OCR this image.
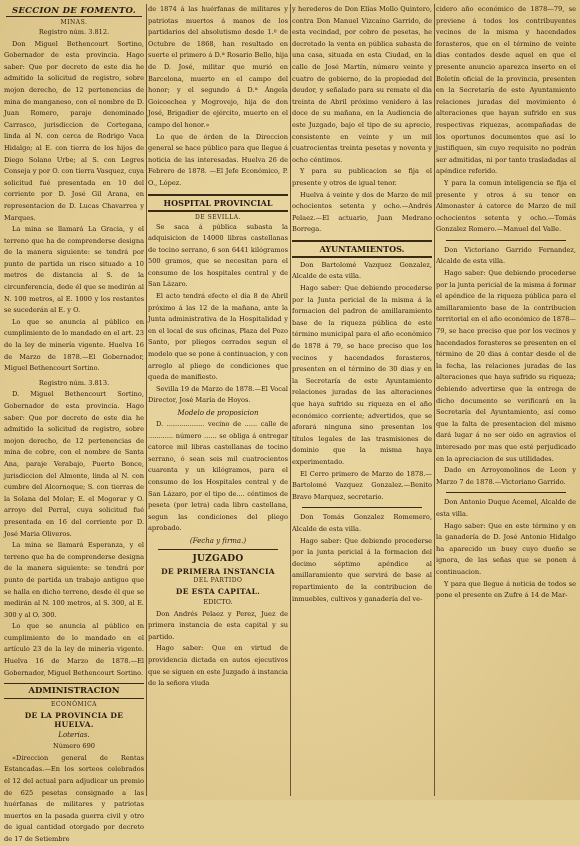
SECCION DE FOMENTO.
MINAS.
Registro núm. 3.812.

Don Miguel Bethencourt Sortino, Gobernador de esta provincia. Hago saber: Que por decreto de este dia he admitido la solicitud de registro, sobre mojon derecho, de 12 pertenencias de mina de manganeso, con el nombre de D. Juan Romero, paraje denominado Carrasco, jurisdiccion de Cortegana, linda al N. con cerca de Rodrigo Vaca Hidalgo; al E. con tierra de los hijos de Diego Solano Urbe; al S. con Legres Conseja y por O. con tierra Vasquez, cuya solicitud fué presentada en 10 del corriente por D. José Gil Arana, en representacion de D. Lucas Chavarrea y Marques.

La mina se llamará La Gracia, y el terreno que ha de comprenderse designa de la manera siguiente: se tendrá por punto de partida un risco situado a 10 metros de distancia al S. de la circunferencia, dede él que se medirán al N. 100 metros, al E. 1000 y los restantes se sucederán al E. y O.

Lo que se anuncia al público en cumplimiento de lo mandado en el art. 23 de la ley de minería vigente. Huelva 16 de Marzo de 1878.—El Gobernador, Miguel Bethencourt Sortino.

Registro núm. 3.813.

D. Miguel Bethencourt Sortino, Gobernador de esta provincia. Hago saber: Que por decreto de este dia he admitido la solicitud de registro, sobre mojon derecho, de 12 pertenencias de mina de cobre, con el nombre de Santa Ana, paraje Verabajo, Puerto Bonce, jurisdiccion del Almonte, linda al N. con cumbre del Alcornoque; S. con tierras de la Solana del Molar; E. el Mogorar y O. arroyo del Perral, cuya solicitud fué presentada en 16 del corriente por D. José Maria Oliveros.

La mina se llamará Esperanza, y el terreno que ha de comprenderse designa de la manera siguiente: se tendrá por punto de partida un trabajo antiguo que se halla en dicho terreno, desde él que se medirán al N. 100 metros, al S. 300, al E. 300 y al O. 300.

Lo que se anuncia al público en cumplimiento de lo mandado en el artículo 23 de la ley de minería vigente. Huelva 16 de Marzo de 1878.—El Gobernador, Miguel Bethencourt Sortino.

ADMINISTRACION
ECONÓMICA
DE LA PROVINCIA DE HUELVA.
Loterias.
Número 690

«Direccion general de Rentas Estancadas.—En los sorteos celebrados el 12 del actual para adjudicar un premio de 625 pesetas consignado a las huérfanas de militares y patriotas muertos en la pasada guerra civil y otro de igual cantidad otorgado por decreto de 17 de Setiembre

de 1874 á las huérfanas de militares y patriotas muertos á manos de los partidarios del absolutismo desde 1.º de Octubre de 1868, han resultado en suerte el primero á D.ª Rosario Bello, hija de D. José, militar que murió en Barcelona, muerto en el campo del honor; y el segundo á D.ª Ángela Goicoechea y Mogrovejo, hija de don José, Brigadier de ejército, muerto en el campo del honor.»

Lo que de órden de la Direccion general se hace público para que llegue á noticia de las interesadas. Huelva 26 de Febrero de 1878. —El Jefe Económico, P. O., López.

HOSPITAL PROVINCIAL
DE SEVILLA.

Se saca á pública subasta la adquisicion de 14000 libras castellanas de tocino serrano, 6 son 6441 kilógramos 500 gramos, que se necesitan para el consumo de los hospitales central y de San Lázaro.

El acto tendrá efecto el dia 8 de Abril próximo á las 12 de la mañana, ante la Junta administrativa de la Hospitalidad y en el local de sus oficinas, Plaza del Pozo Santo, por pliegos cerrados segun el modelo que se pone á continuacion, y con arreglo al pliego de condiciones que queda de manifiesto.

Sevilla 19 de Marzo de 1878.—El Vocal Director, José María de Hoyos.

Modelo de proposicion

D. .................. vecino de ...... calle de ............ número ...... se obliga á entregar catorce mil libras castellanas de tocino serrano, ó sean seis mil cuatrocientos cuarenta y un kilógramos, para el consumo de los Hospitales central y de San Lázaro, por el tipo de.... céntimos de peseta (por letra) cada libra castellana, segun las condiciones del pliego aprobado.

(Fecha y firma.)
JUZGADO
DE PRIMERA INSTANCIA
DEL PARTIDO
DE ESTA CAPITAL.
EDICTO.

Don Andrés Pelaez y Perez, Juez de primera instancia de esta capital y su partido.

Hago saber: Que en virtud de providencia dictada en autos ejecutivos que se siguen en este Juzgado á instancia de la señora viuda

y herederos de Don Elías Mollo Quintero, contra Don Manuel Vizcaíno Garrido, de esta vecindad, por cobro de pesetas, he decretado la venta en pública subasta de una casa, situada en esta Ciudad, en la calle de José Martín, número veinte y cuatro de gobierno, de la propiedad del deudor, y señalado para su remate el dia treinta de Abril próximo venidero á las doce de su mañana, en la Audiencia de este Juzgado, bajo el tipo de su aprecio, consistente en veinte y un mil cuatrocientas treinta pesetas y noventa y ocho céntimos.

Y para su publicacion se fija el presente y otros de igual tenor.

Huelva á veinte y dos de Marzo de mil ochocientos setenta y ocho.—Andrés Pelaez.—El actuario, Juan Medrano Borrega.

AYUNTAMIENTOS.

Don Bartolomé Vazquez Gonzalez, Alcalde de esta villa.

Hago saber: Que debiendo procederse por la Junta pericial de la misma á la formacion del padron de amillaramiento base de la riqueza pública de este término municipal para el año económico de 1878 á 79, se hace preciso que los vecinos y hacendados forasteros, presenten en el término de 30 dias y en la Secretaría de este Ayuntamiento relaciones juradas de las alteraciones que haya sufrido su riqueza en el año económico corriente; advertidos, que se aforará ninguna sino presentan los títulos legales de las trasmisiones de dominio que la misma haya experimentado.

El Cerro primero de Marzo de 1878.—Bartolomé Vazquez Gonzalez.—Benito Bravo Marquez, secretario.

Don Tomás Gonzalez Romemero, Alcalde de esta villa.

Hago saber: Que debiendo procederse por la junta pericial á la formacion del decimo séptimo apéndice al amillaramiento que servirá de base al repartimiento de la contribucion de inmuebles, cultivos y ganadería del ve-

cidero año económico de 1878—79, se previene á todos los contribuyentes vecinos de la misma y hacendados forasteros, que en el término de veinte dias contados desde aquel en que el presente anuncio aparezca inserto en el Boletín oficial de la provincia, presenten en la Secretaría de este Ayuntamiento relaciones juradas del movimiento é alteraciones que hayan sufrido en sus respectivas riquezas, acompañadas de los oportunos documentos que así lo justifiquen, sin cuyo requisito no podrán ser admitidas, ni por tanto trasladadas al apéndice referido.

Y para la comun inteligencia se fija el presente y otros á su tenor en Almonaster á catorce de Marzo de mil ochocientos setenta y ocho.—Tomás Gonzalez Romero.—Manuel del Valle.

Don Victoriano Garrido Fernandez, Alcalde de esta villa.

Hago saber: Que debiendo procederse por la junta pericial de la misma á formar el apéndice de la riqueza pública para el amillaramiento base de la contribucion territorial en el año económico de 1878—79, se hace preciso que por los vecinos y hacendados forasteros se presenten en el término de 20 dias á contar desde el de la fecha, las relaciones juradas de las alteraciones que haya sufrido su riqueza; debiendo advertirse que la entrega de dicho documento se verificará en la Secretaría del Ayuntamiento, así como que la falta de presentacion del mismo dará lugar á no ser oido en agravios el interesado por mas que esté perjudicado en la apreciacion de sus utilidades.

Dado en Arroyomolinos de Leon y Marzo 7 de 1878.—Victoriano Garrido.

Don Antonio Duque Acemel, Alcalde de esta villa.

Hago saber: Que en este término y en la ganadería de D. José Antonio Hidalgo ha aparecido un buey cuyo dueño se ignora, de las señas que se ponen á continuacion.

Y para que llegue á noticia de todos se pone el presente en Zufre á 14 de Mar-
